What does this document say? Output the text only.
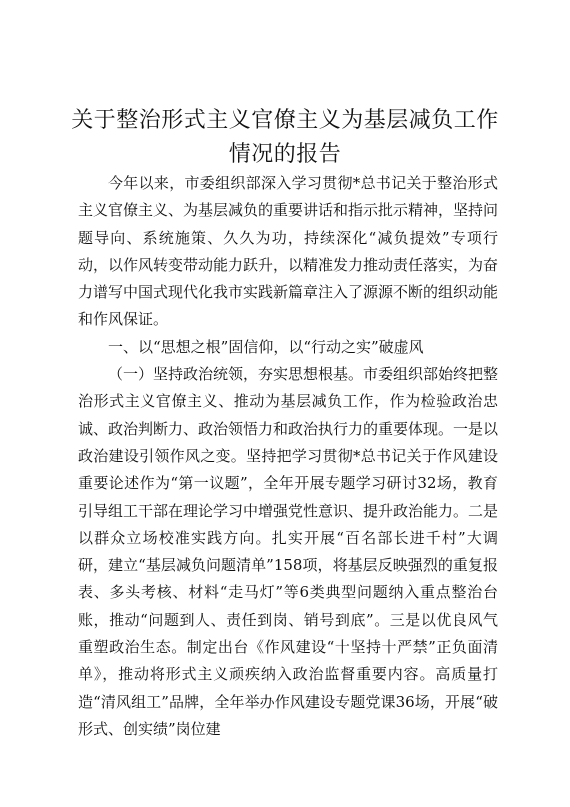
关于整治形式主义官僚主义为基层减负工作
情况的报告

今年以来，市委组织部深入学习贯彻*总书记关于整治形式主义官僚主义、为基层减负的重要讲话和指示批示精神，坚持问题导向、系统施策、久久为功，持续深化“减负提效”专项行动，以作风转变带动能力跃升，以精准发力推动责任落实，为奋力谱写中国式现代化我市实践新篇章注入了源源不断的组织动能和作风保证。

一、以“思想之根”固信仰，以“行动之实”破虚风

（一）坚持政治统领，夯实思想根基。市委组织部始终把整治形式主义官僚主义、推动为基层减负工作，作为检验政治忠诚、政治判断力、政治领悟力和政治执行力的重要体现。一是以政治建设引领作风之变。坚持把学习贯彻*总书记关于作风建设重要论述作为“第一议题”，全年开展专题学习研讨32场，教育引导组工干部在理论学习中增强党性意识、提升政治能力。二是以群众立场校准实践方向。扎实开展“百名部长进千村”大调研，建立“基层减负问题清单”158项，将基层反映强烈的重复报表、多头考核、材料“走马灯”等6类典型问题纳入重点整治台账，推动“问题到人、责任到岗、销号到底”。三是以优良风气重塑政治生态。制定出台《作风建设“十坚持十严禁”正负面清单》，推动将形式主义顽疾纳入政治监督重要内容。高质量打造“清风组工”品牌，全年举办作风建设专题党课36场，开展“破形式、创实绩”岗位建
